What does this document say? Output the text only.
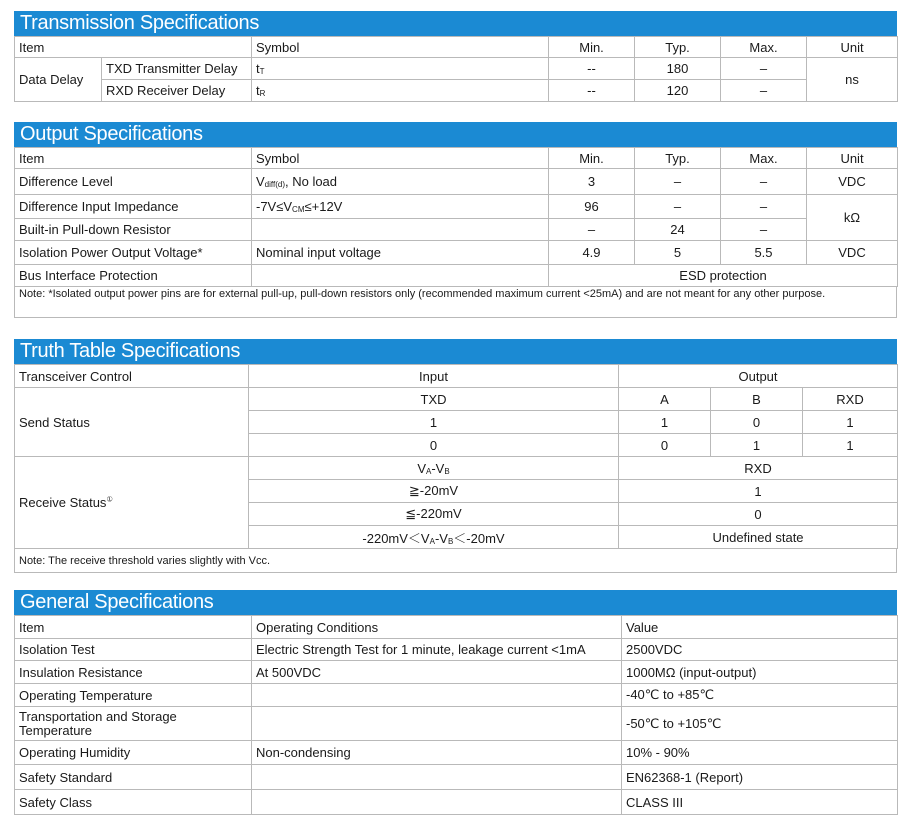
Transmission Specifications
Item		Symbol	Min.	Typ.	Max.	Unit
Data Delay	TXD Transmitter Delay	$t_T$	--	180	–	ns
	RXD Receiver Delay	$t_R$	--	120	–	
Output Specifications
Item	Symbol	Min.	Typ.	Max.	Unit
Difference Level	$V_{diff(d)}$, No load	3	–	–	VDC
Difference Input Impedance	$-7V\le V_{CM}\le+12V$	96	–	–	kΩ
Built-in Pull-down Resistor		–	24	–	
Isolation Power Output Voltage*	Nominal input voltage	4.9	5	5.5	VDC
Bus Interface Protection		ESD protection			
Note: *Isolated output power pins are for external pull-up, pull-down resistors only (recommended maximum current <25mA) and are not meant for any other purpose.
Truth Table Specifications
Transceiver Control	Input	Output		
Send Status	TXD	A	B	RXD
	1	1	0	1
	0	0	1	1
Receive Status①	$V_A-V_B$	RXD		
	≧-20mV	1		
	≦-220mV	0		
	$-220mV<V_A-V_B<-20mV$	Undefined state		
Note: The receive threshold varies slightly with Vcc.
General Specifications
Item	Operating Conditions	Value
Isolation Test	Electric Strength Test for 1 minute, leakage current <1mA	2500VDC
Insulation Resistance	At 500VDC	1000MΩ (input-output)
Operating Temperature		-40℃ to +85℃
Transportation and Storage Temperature		-50℃ to +105℃
Operating Humidity	Non-condensing	10% - 90%
Safety Standard		EN62368-1 (Report)
Safety Class		CLASS III
